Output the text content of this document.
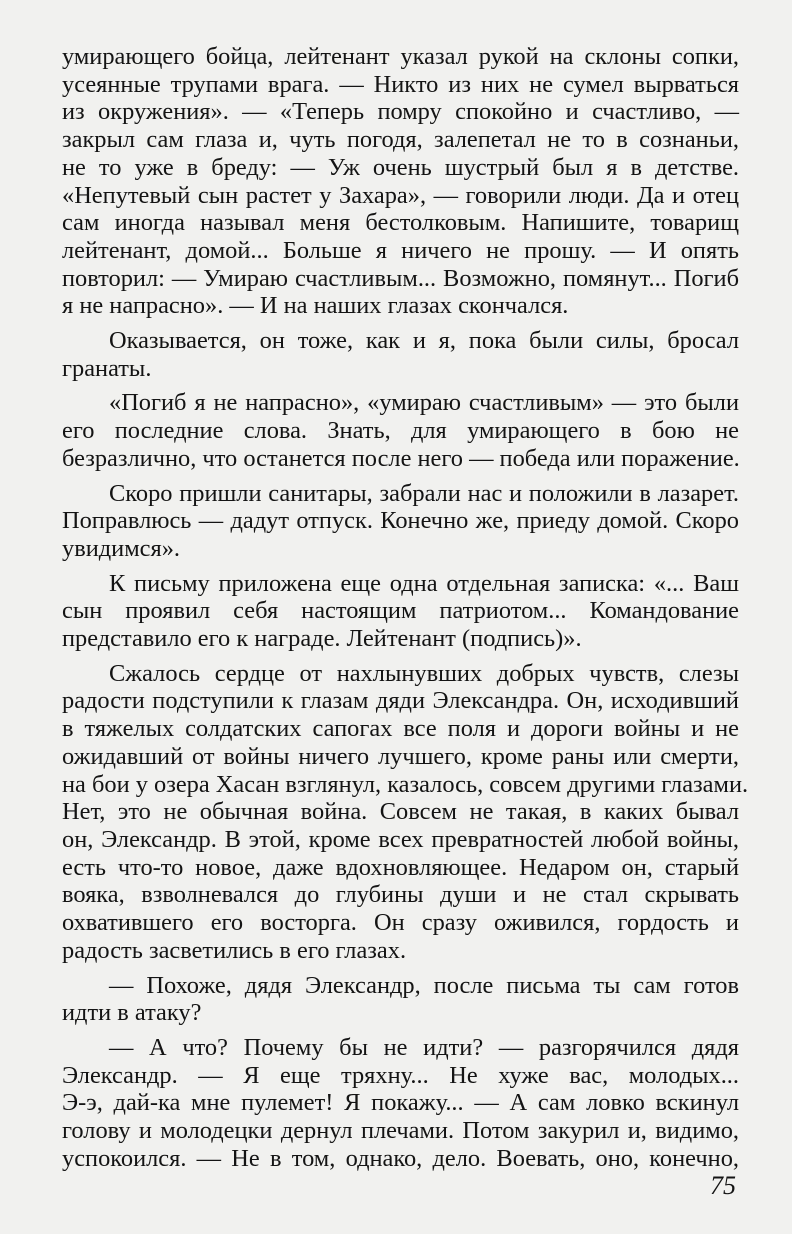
умирающего бойца, лейтенант указал рукой на склоны сопки,
усеянные трупами врага. — Никто из них не сумел вырваться
из окружения». — «Теперь помру спокойно и счастливо, —
закрыл сам глаза и, чуть погодя, залепетал не то в сознаньи,
не то уже в бреду: — Уж очень шустрый был я в детстве.
«Непутевый сын растет у Захара», — говорили люди. Да и отец
сам иногда называл меня бестолковым. Напишите, товарищ
лейтенант, домой... Больше я ничего не прошу. — И опять
повторил: — Умираю счастливым... Возможно, помянут... Погиб
я не напрасно». — И на наших глазах скончался.

Оказывается, он тоже, как и я, пока были силы, бросал
гранаты.

«Погиб я не напрасно», «умираю счастливым» — это были
его последние слова. Знать, для умирающего в бою не
безразлично, что останется после него — победа или поражение.

Скоро пришли санитары, забрали нас и положили в лазарет.
Поправлюсь — дадут отпуск. Конечно же, приеду домой. Скоро
увидимся».

К письму приложена еще одна отдельная записка: «... Ваш
сын проявил себя настоящим патриотом... Командование
представило его к награде. Лейтенант (подпись)».

Сжалось сердце от нахлынувших добрых чувств, слезы
радости подступили к глазам дяди Элександра. Он, исходивший
в тяжелых солдатских сапогах все поля и дороги войны и не
ожидавший от войны ничего лучшего, кроме раны или смерти,
на бои у озера Хасан взглянул, казалось, совсем другими глазами.
Нет, это не обычная война. Совсем не такая, в каких бывал
он, Элександр. В этой, кроме всех превратностей любой войны,
есть что-то новое, даже вдохновляющее. Недаром он, старый
вояка, взволневался до глубины души и не стал скрывать
охватившего его восторга. Он сразу оживился, гордость и
радость засветились в его глазах.

— Похоже, дядя Элександр, после письма ты сам готов
идти в атаку?

— А что? Почему бы не идти? — разгорячился дядя
Элександр. — Я еще тряхну... Не хуже вас, молодых...
Э-э, дай-ка мне пулемет! Я покажу... — А сам ловко вскинул
голову и молодецки дернул плечами. Потом закурил и, видимо,
успокоился. — Не в том, однако, дело. Воевать, оно, конечно,

75
